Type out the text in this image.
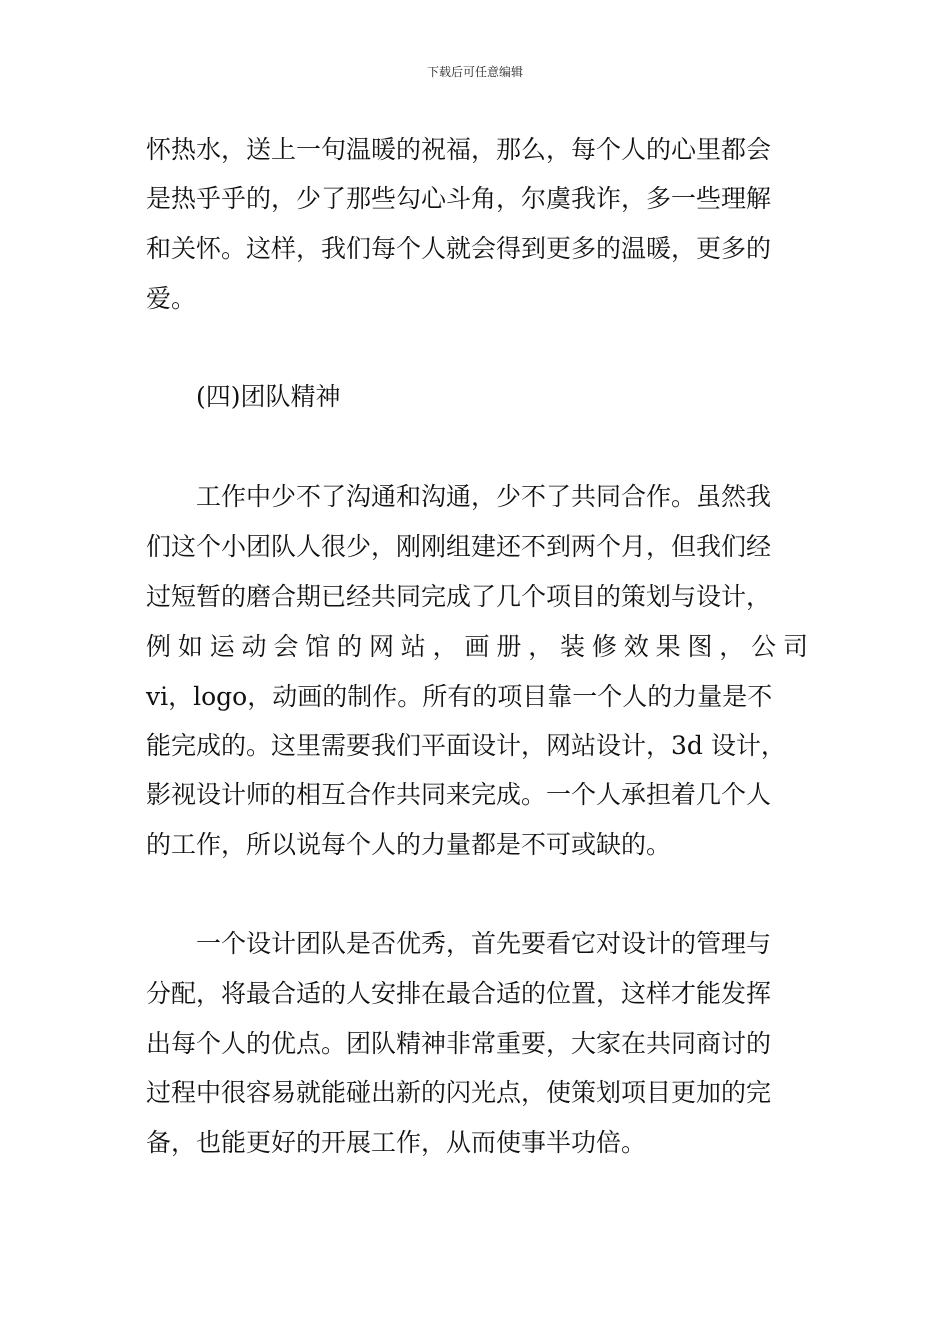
下载后可任意编辑
怀热水，送上一句温暖的祝福，那么，每个人的心里都会
是热乎乎的，少了那些勾心斗角，尔虞我诈，多一些理解
和关怀。这样，我们每个人就会得到更多的温暖，更多的
爱。
(四)团队精神
工作中少不了沟通和沟通，少不了共同合作。虽然我
们这个小团队人很少，刚刚组建还不到两个月，但我们经
过短暂的磨合期已经共同完成了几个项目的策划与设计，
例如运动会馆的网站，画册，装修效果图，公司
vi，logo，动画的制作。所有的项目靠一个人的力量是不
能完成的。这里需要我们平面设计，网站设计，3d 设计，
影视设计师的相互合作共同来完成。一个人承担着几个人
的工作，所以说每个人的力量都是不可或缺的。
一个设计团队是否优秀，首先要看它对设计的管理与
分配，将最合适的人安排在最合适的位置，这样才能发挥
出每个人的优点。团队精神非常重要，大家在共同商讨的
过程中很容易就能碰出新的闪光点，使策划项目更加的完
备，也能更好的开展工作，从而使事半功倍。
